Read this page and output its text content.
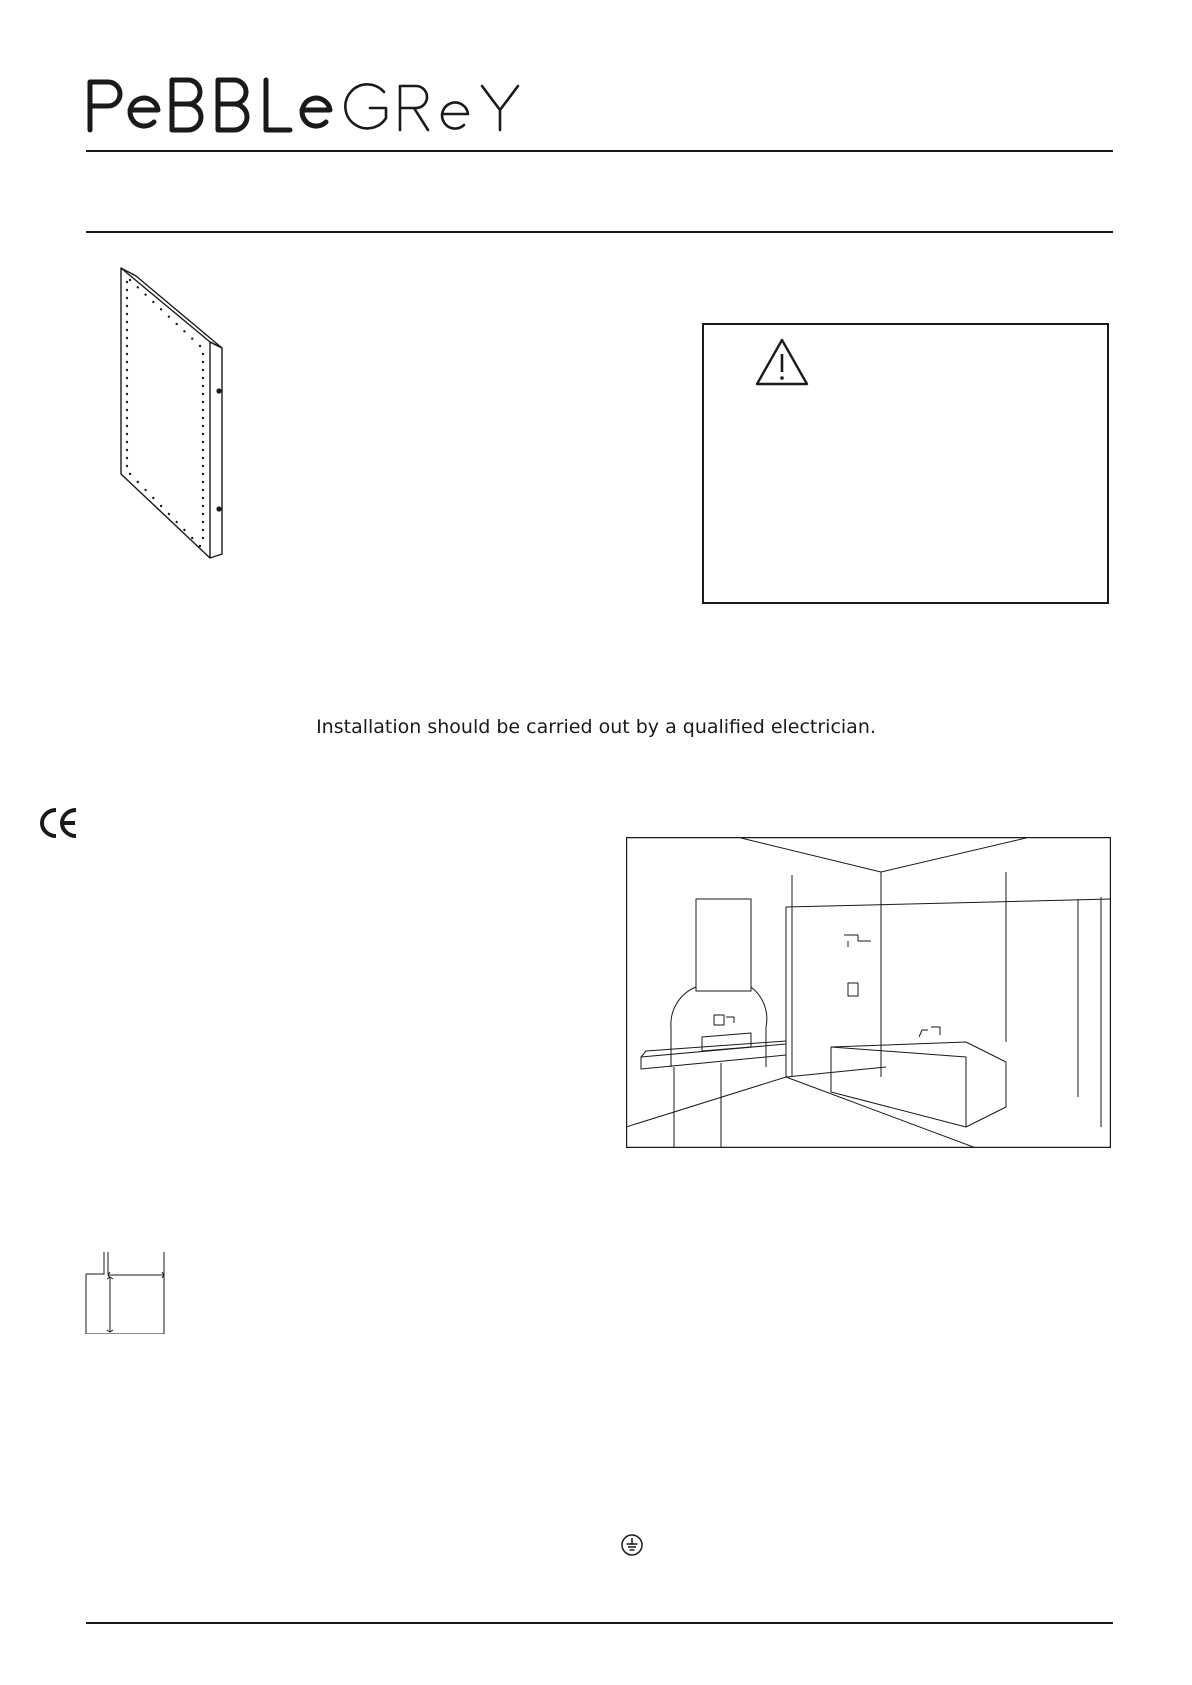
Installation should be carried out by a qualified electrician.
